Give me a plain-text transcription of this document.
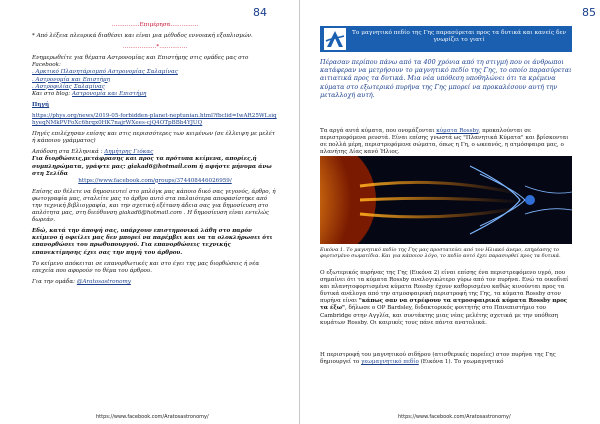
84
……………Επιμέρησα……………
* Από λέξεια πλευρικά διαθέσει και είναι μια μέθοδος εννοιακή εξοπλισμών.
………………*……………
Ενημερωθείτε για θέματα Αστρονομίας και Επιστήμης στις ομάδες μας στο Facebook:
. Αρκτικό Πλανητάριομπό Αστρονομίας Σαλαμίνας
. Αστρονομία και Επιστήμη
. Αστροφιλίας Σαλαμίνας
Και στο blog: Αστρονομία και Επιστήμη
Πηγή
https://phys.org/news/2019-05-forbidden-planet-neptunian.html?fbclid=IwAR25WLsiqhyeqNMkPVFoXc6hrqx0HK7najrWXees-cjQ4OTpBBb4YJUQ
Πηγές επιλέχησαν επίσης και στις περισσότερες των κειμένων (σε έλλειψη με μελέτ ή κάποιου γράμματος)
Απόδοση στα Ελληνικά : Δημήτρης Γιόκας
Για διορθώσεις,μετάφρασης και προς τα πρότυπα κείμενα, απορίες,ή συμπληρώματα, γράψτε μας: giakad6@hotmail.com ή αφήστε μήνυμα άνω στη Σελίδα
https://www.facebook.com/groups/374408446026959/
Επίσης αν θέλετε να δημοσιευτεί στο μπλόγκ μας κάποιο δικό σας γεγονός, άρθρο, ή φωτογραφία μας, σταλείτε μας το άρθρο αυτό στα παλαιότερα αποφασίστηκε από την τεχνική βιβλιογραφία, και την σχετική εξέταση άδεια σας για δημοσίευση στο απλότητα μας, στη διεύθυνση giakad6@hotmail.com . Η δημοσίευση είναι εντελώς δωρεάν.
Εδώ, κατά την άποψή σας, υπάρχουν επιστημονικά λάθη στο παρόν κείμενο ή οφείλει μας δεν μπορεί να παρέμβει και να τα ολοκλήρωσει ότι επανορθώσει του πρωθυπουργού. Για επανορθώσεις τεχνικής επανεκτίμησης έχει σας την πηγή του άρθρου.
Το κείμενο απόκειται σε επανορθωτικές και στο έγει της μας διορθώσεις ή νέα επεχεία που αφορούν το θέμα του άρθρου.
Για την ομάδα: @Aratosastronomy
https://www.facebook.com/Aratosastronomy/
85
Το μαγνητικό πεδίο της Γης παρασύρεται προς τα δυτικά και κανείς δεν γνωρίζει το γιατί
Πέρασαν περίπου πάνω από τα 400 χρόνια από τη στιγμή που οι άνθρωποι κατάφεραν να μετρήσουν το μαγνητικό πεδίο της Γης, το οποίο παρασύρεται αιτιατικά προς τα δυτικά. Μια νέα υπόθεση υποθηλώνει ότι τα κρέμενα κύματα στο εξωτερικό πυρήνα της Γης μπορεί να προκαλέσουν αυτή την μεταλλοχή αυτή.
Τα αργά αυτά κύματα, που ονομάζονται κύματα Rossby, προκαλούνται σε περιστρεφόμενα ρευστά. Είναι επίσης γνωστά ως "Πλανητικά Κύματα" και βρίσκονται σε πολλά μέρη, περιστρεφόμενα σώματα, όπως η Γη, ο ωκεανός, η ατμόσφαιρα μας, ο πλανήτης Δίας κανό Ήλιος.
Εικόνα 1. Το μαγνητικό πεδίο της Γης μας προστατεύει από τον Ηλιακό άνεμο, επηρέασης το φορτισμένο σωματίδια. Και για κάποιον λόγο, το πεδίο αυτό έχει παρασυρθεί προς τα δυτικά.
Ο εξωτερικός πυρήνας της Γης (Εικόνα 2) είναι επίσης ένα περιστρεφόμενο υγρό, που σημαίνει ότι τα κύματα Rossby αναλογικώτερο γύρω από τον πυρήνα. Ενώ τα οικοδιαί και πλανητοφορτισμένα κύματα Rossby έχουν καθορισμένο καθώς κινούνται προς τα δυτικά ανάλογα από την ατμοσφαιρική περιστροφή της Γης, τα κύματα Rossby στον πυρήνα είναι "κάπως σαν να στρέφουν τα ατμοσφαιρικά κύματα Rossby προς τα έξω", δήλωσε ο ΟΡ Bardsley, διδακτορικός φοιτητής στο Πανεπιστήμιο του Cambridge στην Αγγλία, και συντάκτης μιας νέας μελέτης σχετικά με την υπόθεση κυμάτων Rossby. Οι καιρικές τους πάνε πάντα ανατολικά.
Η περιστροφή του μαγνητικού σιδήρου (ατισθερικές πορείες) στον πυρήνα της Γης δημιουργεί το γεωμαγνητικό πεδίο (Εικόνα 1). Το γεωμαγνητικό
https://www.facebook.com/Aratosastronomy/
